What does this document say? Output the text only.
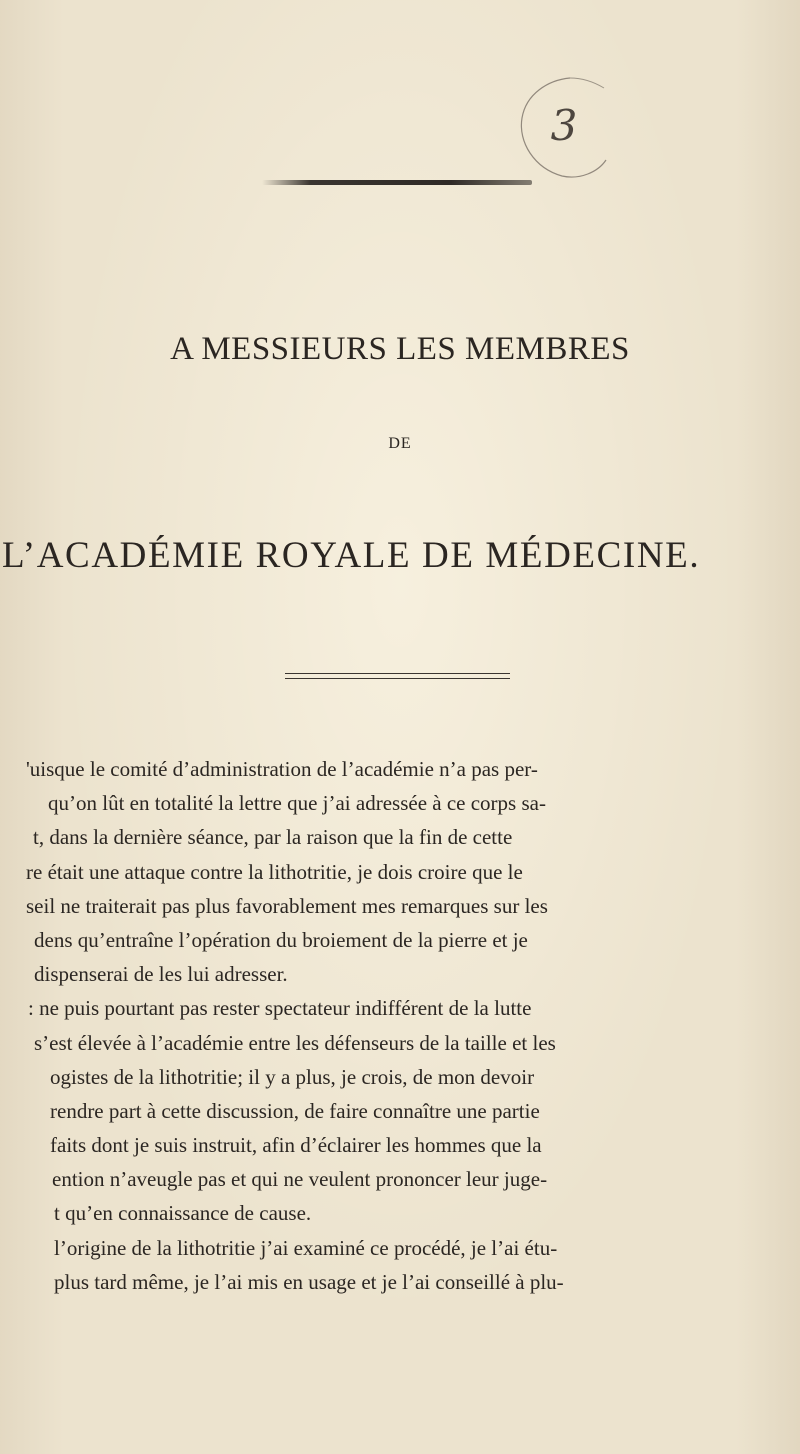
3
A MESSIEURS LES MEMBRES
DE
L’ACADÉMIE ROYALE DE MÉDECINE.
'uisque le comité d’administration de l’académie n’a pas per-
qu’on lût en totalité la lettre que j’ai adressée à ce corps sa-
t, dans la dernière séance, par la raison que la fin de cette
re était une attaque contre la lithotritie, je dois croire que le
seil ne traiterait pas plus favorablement mes remarques sur les
dens qu’entraîne l’opération du broiement de la pierre et je
dispenserai de les lui adresser.
: ne puis pourtant pas rester spectateur indifférent de la lutte
s’est élevée à l’académie entre les défenseurs de la taille et les
ogistes de la lithotritie; il y a plus, je crois, de mon devoir
rendre part à cette discussion, de faire connaître une partie
faits dont je suis instruit, afin d’éclairer les hommes que la
ention n’aveugle pas et qui ne veulent prononcer leur juge-
t qu’en connaissance de cause.
l’origine de la lithotritie j’ai examiné ce procédé, je l’ai étu-
plus tard même, je l’ai mis en usage et je l’ai conseillé à plu-
